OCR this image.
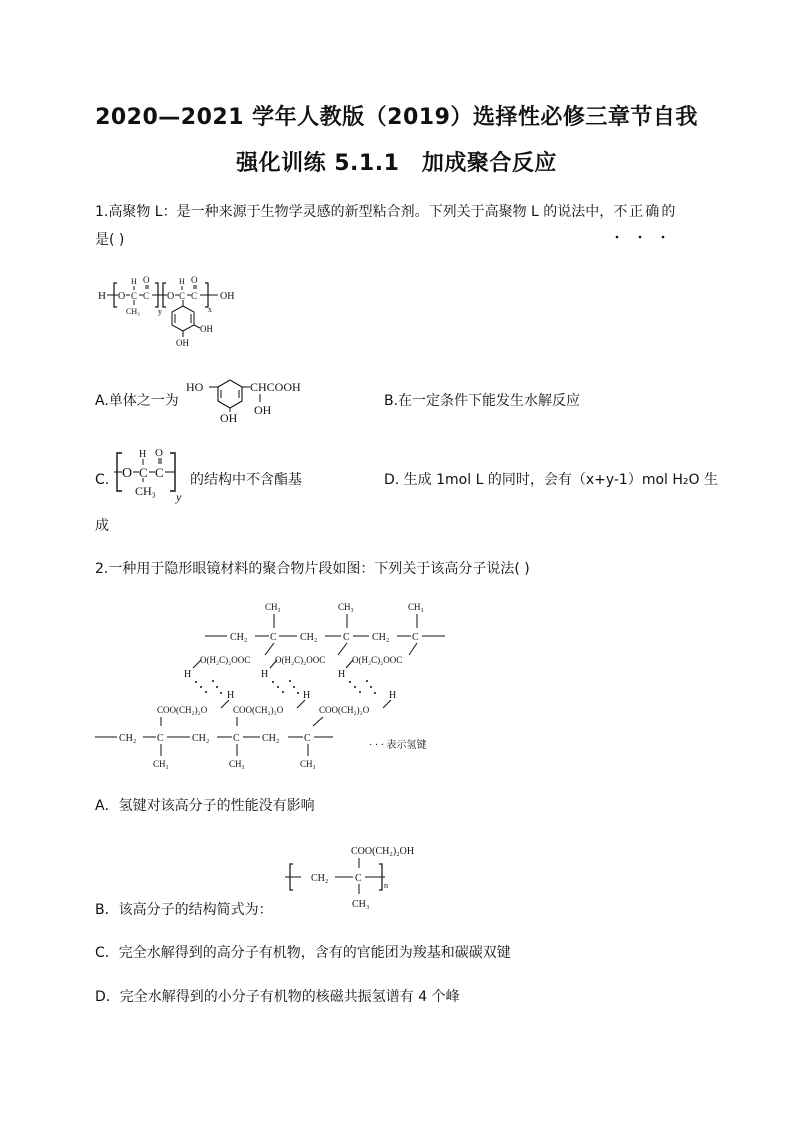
2020—2021 学年人教版（2019）选择性必修三章节自我
强化训练 5.1.1　加成聚合反应
1.高聚物 L：是一种来源于生物学灵感的新型粘合剂。下列关于高聚物 L 的说法中，不正确的
是( )
H O C C
H O
CH₃ y
O C C
H O
x
OH
OH
OH
A.单体之一为
HO	CHCOOH
OH
OH
B.在一定条件下能发生水解反应
C. O C C
H O
CH₃ y
的结构中不含酯基	D. 生成 1mol L 的同时，会有（x+y-1）mol H₂O 生
成
2.一种用于隐形眼镜材料的聚合物片段如图：下列关于该高分子说法( )
CH₂ C CH₂	C CH₂ C
CH₃	CH₃	CH₃
O(H₂C)₂OOC	O(H₂C)₂OOC	O(H₂C)₂OOC
H	H	H
H	H	H
COO(CH₂)₂O	COO(CH₂)₂O	COO(CH₂)₂O
CH₂ C	CH₂ C CH₂ C
CH₃	CH₃	CH₃
· · · 表示氢键
A．氢键对该高分子的性能没有影响
COO(CH₂)₂OH
CH₂	C
n
CH₃
B．该高分子的结构简式为：
C．完全水解得到的高分子有机物，含有的官能团为羧基和碳碳双键
D．完全水解得到的小分子有机物的核磁共振氢谱有 4 个峰
